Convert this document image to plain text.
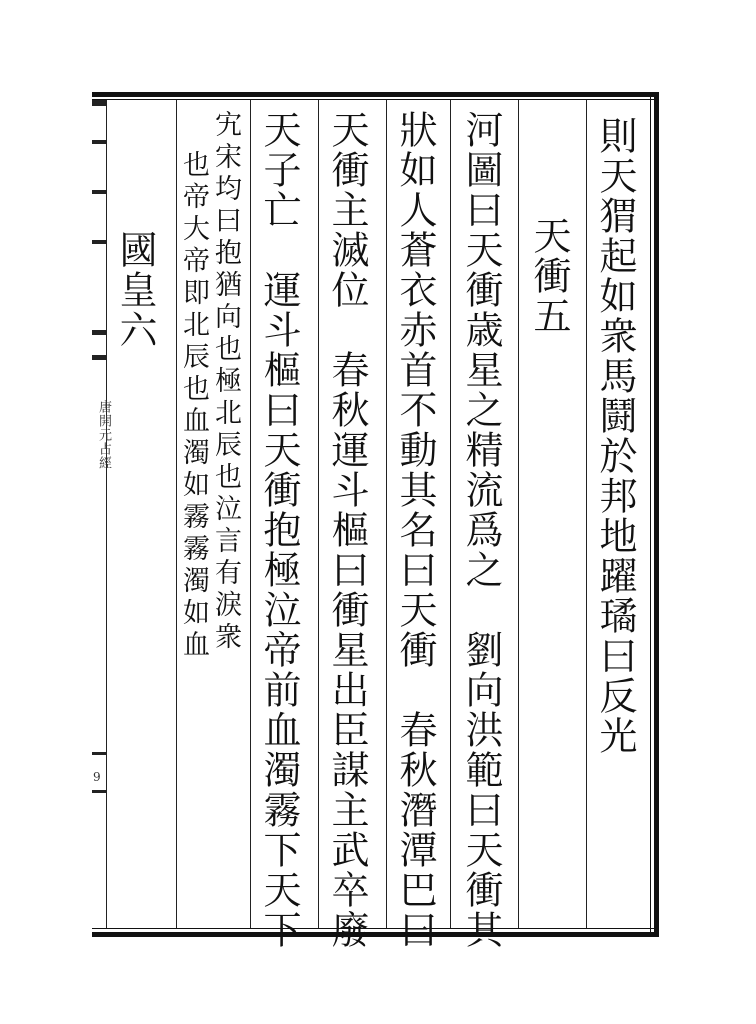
唐開元占經
9
則天猬起如衆馬鬪於邦地躍璚曰反光
天衝五
河圖曰天衝歳星之精流爲之　劉向洪範曰天衝其
狀如人蒼衣赤首不動其名曰天衝　春秋潛潭巴曰
天衝主滅位　春秋運斗樞曰衝星出臣謀主武卒廢
天子亡　運斗樞曰天衝抱極泣帝前血濁霧下天下
宄宋均曰抱猶向也極北辰也泣言有淚衆
也帝大帝即北辰也血濁如霧霧濁如血
國皇六
